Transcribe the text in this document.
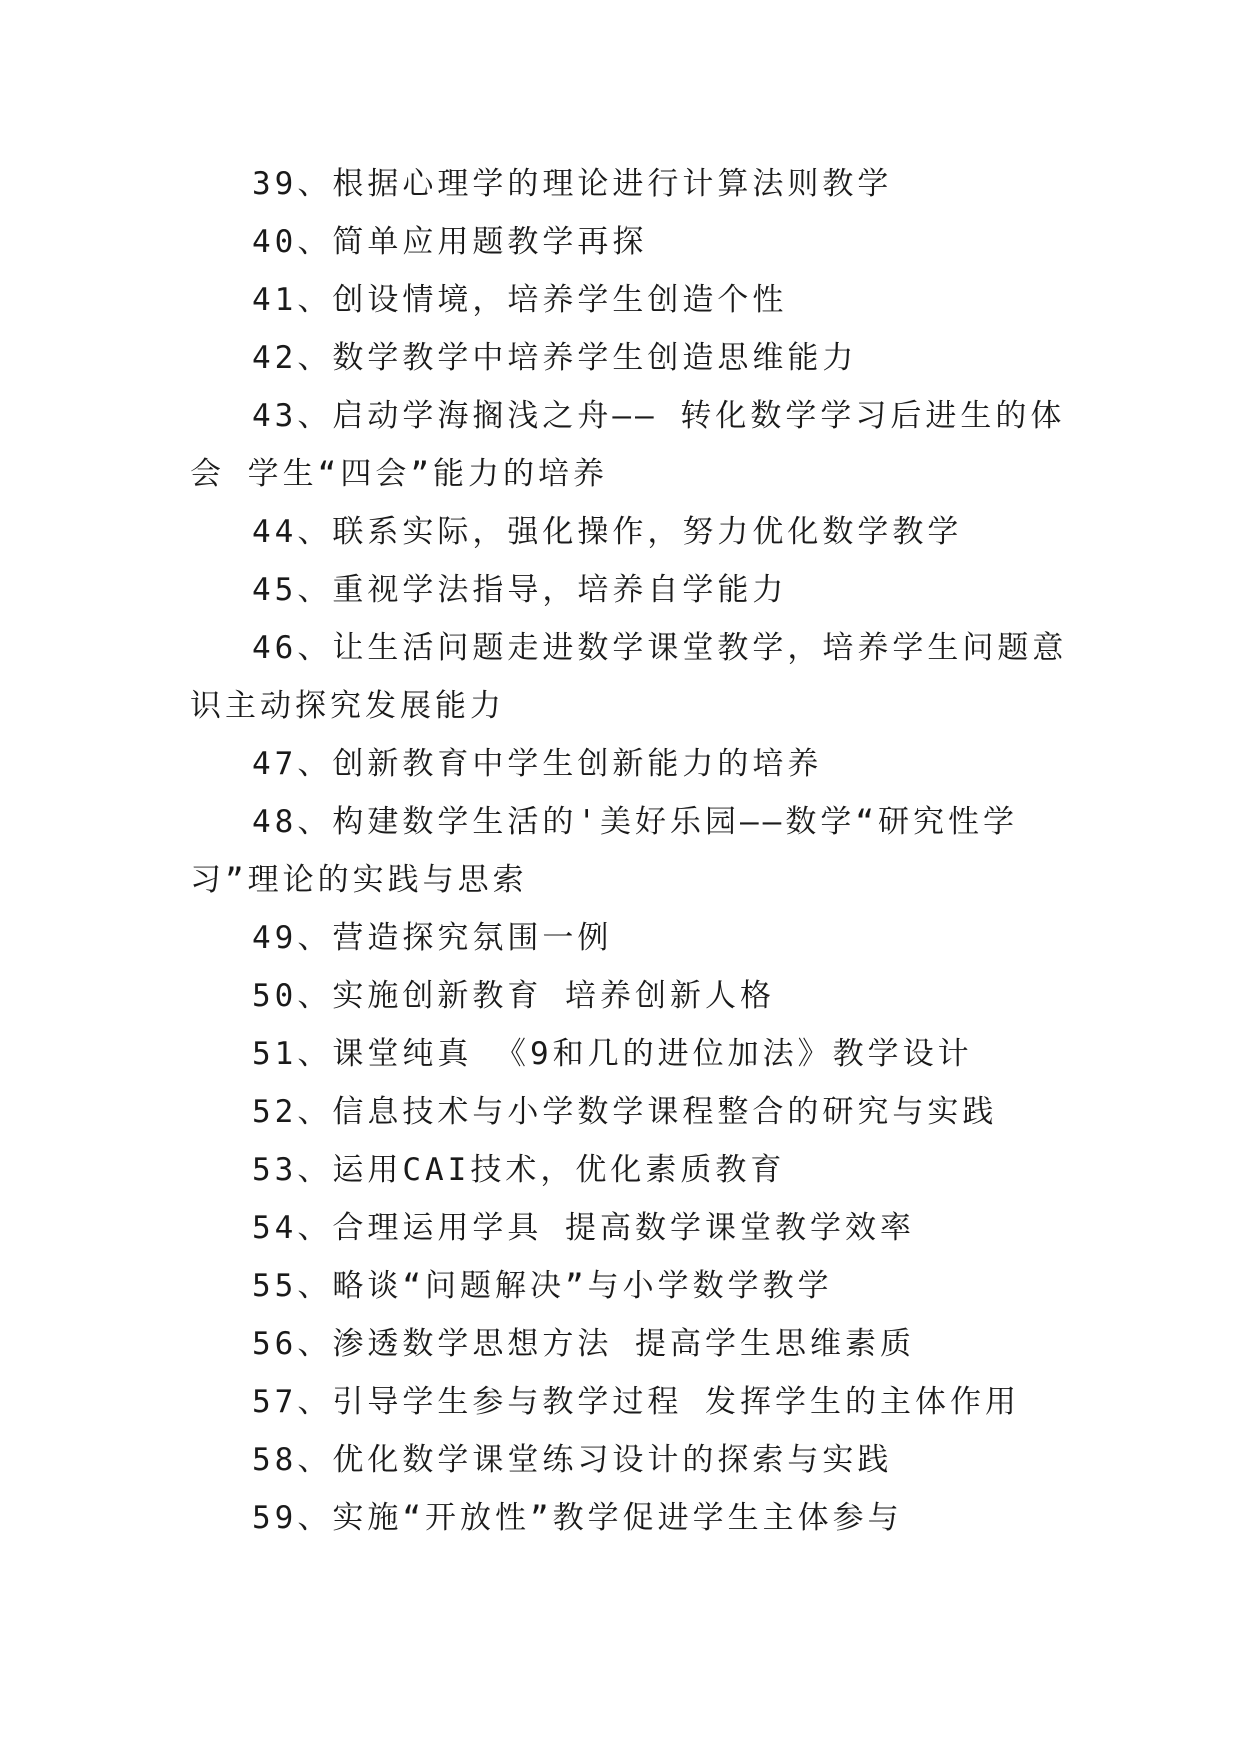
39、根据心理学的理论进行计算法则教学

40、简单应用题教学再探

41、创设情境，培养学生创造个性

42、数学教学中培养学生创造思维能力

43、启动学海搁浅之舟—— 转化数学学习后进生的体会 学生“四会”能力的培养

44、联系实际，强化操作，努力优化数学教学

45、重视学法指导，培养自学能力

46、让生活问题走进数学课堂教学，培养学生问题意识主动探究发展能力

47、创新教育中学生创新能力的培养

48、构建数学生活的'美好乐园——数学“研究性学习”理论的实践与思索

49、营造探究氛围一例

50、实施创新教育 培养创新人格

51、课堂纯真 《9和几的进位加法》教学设计

52、信息技术与小学数学课程整合的研究与实践

53、运用CAI技术，优化素质教育

54、合理运用学具 提高数学课堂教学效率

55、略谈“问题解决”与小学数学教学

56、渗透数学思想方法 提高学生思维素质

57、引导学生参与教学过程 发挥学生的主体作用

58、优化数学课堂练习设计的探索与实践

59、实施“开放性”教学促进学生主体参与
